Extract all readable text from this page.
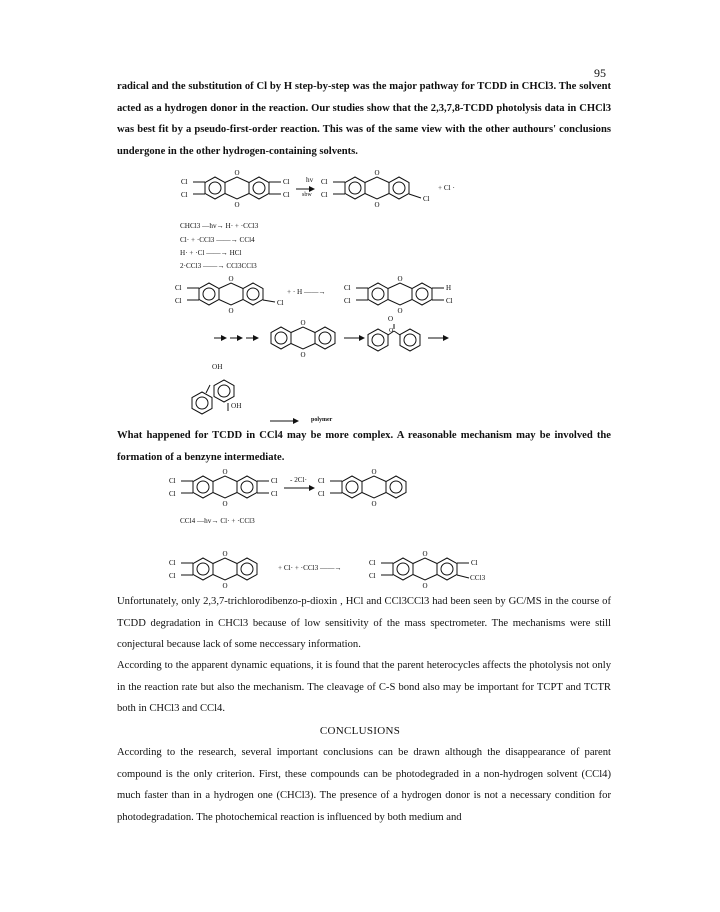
95
radical and the substitution of Cl by H step-by-step was the major pathway for TCDD in CHCl3. The solvent acted as a hydrogen donor in the reaction. Our studies show that the 2,3,7,8-TCDD photolysis data in CHCl3 was best fit by a pseudo-first-order reaction. This was of the same view with the other authours' conclusions undergone in the other hydrogen-containing solvents.
O
O
Cl
Cl
Cl
Cl
O
O
Cl
Cl	Cl
O
O
Cl
Cl	Cl
O
O
Cl
Cl
H
Cl
O
O
O
O
hv
sbw
+ Cl ·
CHCl3 —hv→ H· + ·CCl3
Cl· + ·CCl3 ——→ CCl4
H· + ·Cl ——→ HCl
2·CCl3 ——→ CCl3CCl3
+ · H ——→
OH
OH
polymer
What happened for TCDD in CCl4 may be more complex. A reasonable mechanism may be involved the formation of a benzyne intermediate.
O
O
Cl
Cl
Cl
Cl
O
O
Cl
Cl
O
O
Cl
Cl
O
O
Cl
Cl
Cl
- 2Cl·
CCl4 —hv→ Cl· + ·CCl3
+ Cl· + ·CCl3 ——→
CCl3
Unfortunately, only 2,3,7-trichlorodibenzo-p-dioxin , HCl and CCl3CCl3 had been seen by GC/MS in the course of TCDD degradation in CHCl3 because of low sensitivity of the mass spectrometer. The mechanisms were still conjectural because lack of some neccessary information.
According to the apparent dynamic equations, it is found that the parent heterocycles affects the photolysis not only in the reaction rate but also the mechanism. The cleavage of C-S bond also may be important for TCPT and TCTR both in CHCl3 and CCl4.
CONCLUSIONS
According to the research, several important conclusions can be drawn although the disappearance of parent compound is the only criterion. First, these compounds can be photodegraded in a non-hydrogen solvent (CCl4) much faster than in a hydrogen one (CHCl3). The presence of a hydrogen donor is not a necessary condition for photodegradation. The photochemical reaction is influenced by both medium and
